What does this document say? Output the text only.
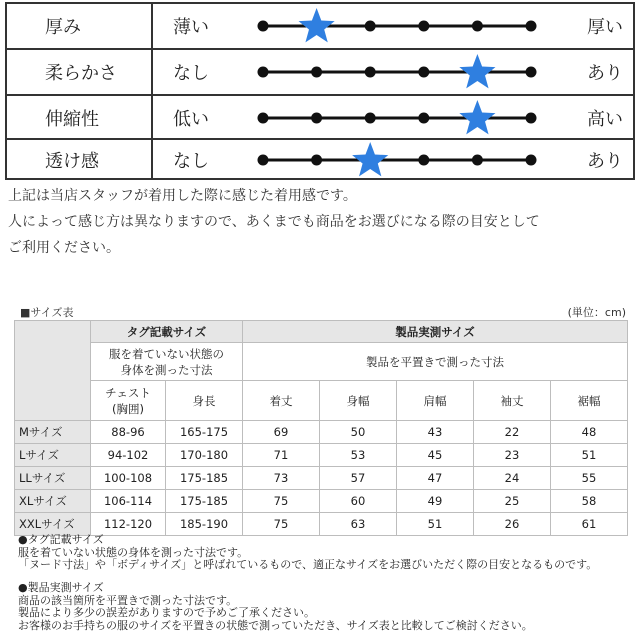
厚み	薄い	厚い
柔らかさ	なし	あり
伸縮性	低い	高い
透け感	なし	あり

上記は当店スタッフが着用した際に感じた着用感です。

人によって感じ方は異なりますので、あくまでも商品をお選びになる際の目安として

ご利用ください。

■サイズ表	(単位：cm)
	タグ記載サイズ		製品実測サイズ				
	服を着ていない状態の身体を測った寸法		製品を平置きで測った寸法				
	チェスト(胸囲)	身長	着丈	身幅	肩幅	袖丈	裾幅
Mサイズ	88-96	165-175	69	50	43	22	48
Lサイズ	94-102	170-180	71	53	45	23	51
LLサイズ	100-108	175-185	73	57	47	24	55
XLサイズ	106-114	175-185	75	60	49	25	58
XXLサイズ	112-120	185-190	75	63	51	26	61

●タグ記載サイズ

服を着ていない状態の身体を測った寸法です。

「ヌード寸法」や「ボディサイズ」と呼ばれているもので、適正なサイズをお選びいただく際の目安となるものです。

●製品実測サイズ

商品の該当箇所を平置きで測った寸法です。

製品により多少の誤差がありますので予めご了承ください。

お客様のお手持ちの服のサイズを平置きの状態で測っていただき、サイズ表と比較してご検討ください。
